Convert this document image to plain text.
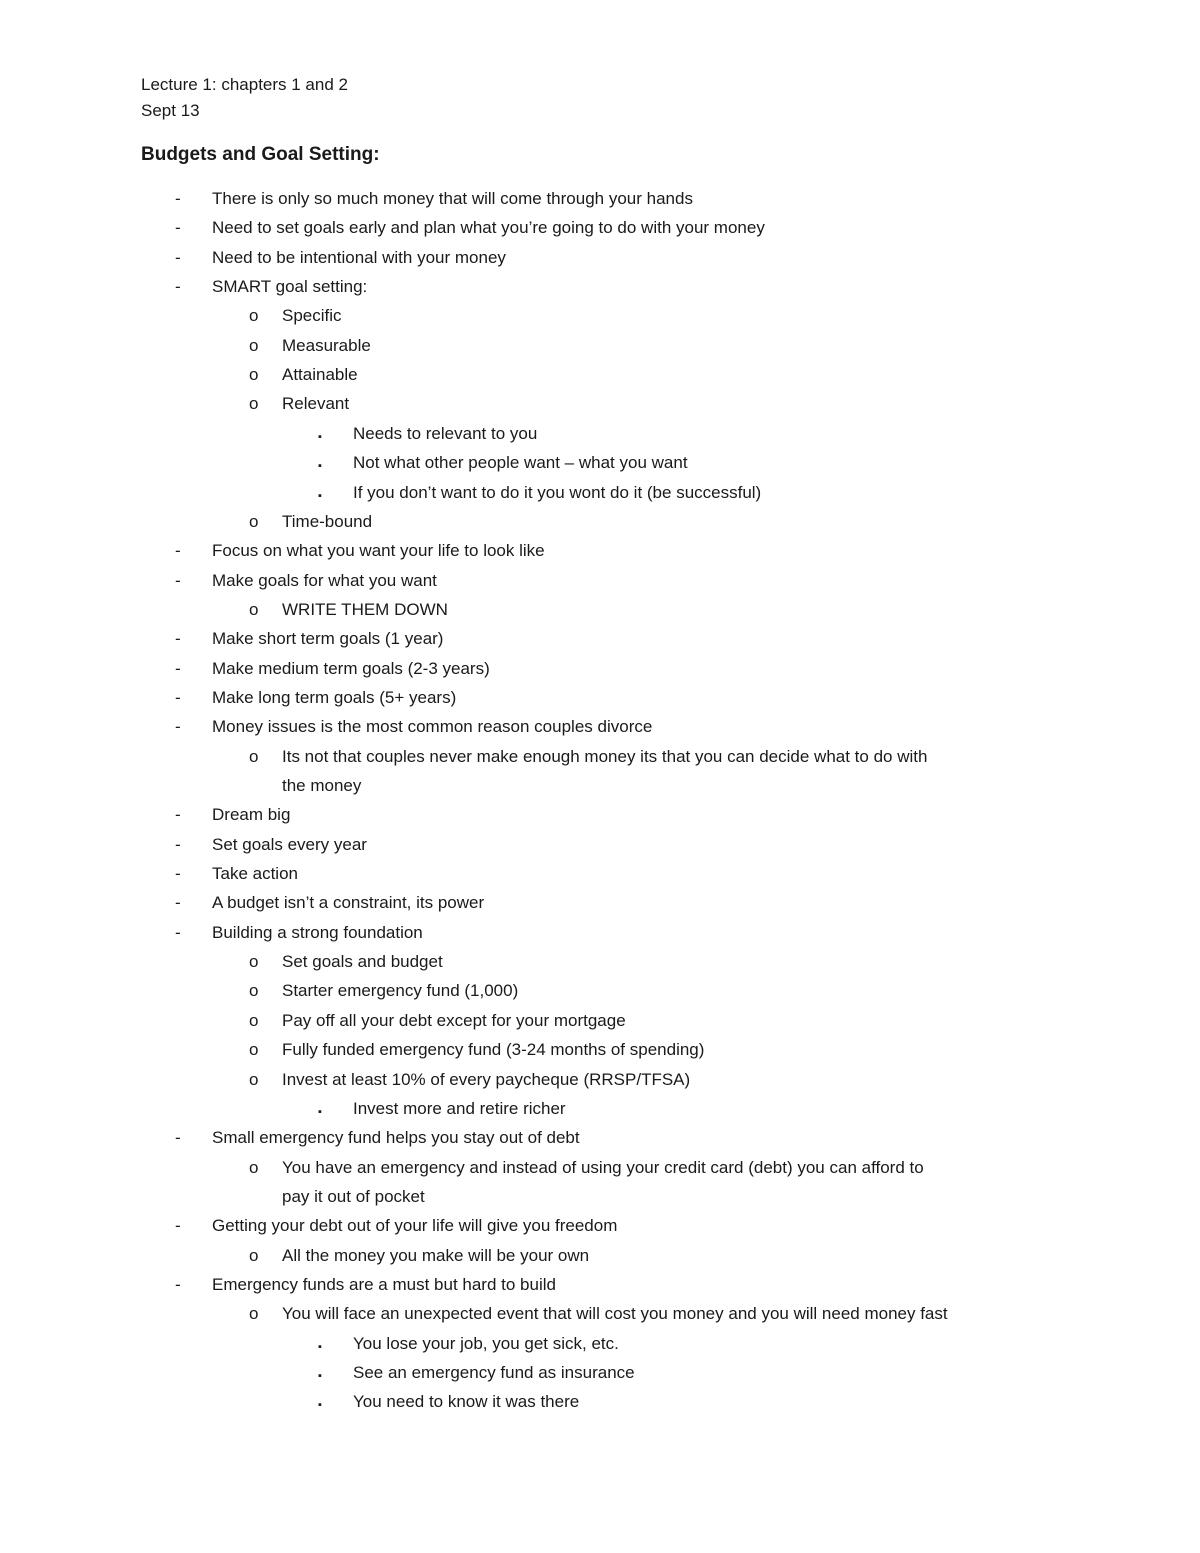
Lecture 1: chapters 1 and 2
Sept 13
Budgets and Goal Setting:
- There is only so much money that will come through your hands
- Need to set goals early and plan what you’re going to do with your money
- Need to be intentional with your money
- SMART goal setting:
o Specific
o Measurable
o Attainable
o Relevant
▪ Needs to relevant to you
▪ Not what other people want – what you want
▪ If you don’t want to do it you wont do it (be successful)
o Time-bound
- Focus on what you want your life to look like
- Make goals for what you want
o WRITE THEM DOWN
- Make short term goals (1 year)
- Make medium term goals (2-3 years)
- Make long term goals (5+ years)
- Money issues is the most common reason couples divorce
o Its not that couples never make enough money its that you can decide what to do with
the money
- Dream big
- Set goals every year
- Take action
- A budget isn’t a constraint, its power
- Building a strong foundation
o Set goals and budget
o Starter emergency fund (1,000)
o Pay off all your debt except for your mortgage
o Fully funded emergency fund (3-24 months of spending)
o Invest at least 10% of every paycheque (RRSP/TFSA)
▪ Invest more and retire richer
- Small emergency fund helps you stay out of debt
o You have an emergency and instead of using your credit card (debt) you can afford to
pay it out of pocket
- Getting your debt out of your life will give you freedom
o All the money you make will be your own
- Emergency funds are a must but hard to build
o You will face an unexpected event that will cost you money and you will need money fast
▪ You lose your job, you get sick, etc.
▪ See an emergency fund as insurance
▪ You need to know it was there
